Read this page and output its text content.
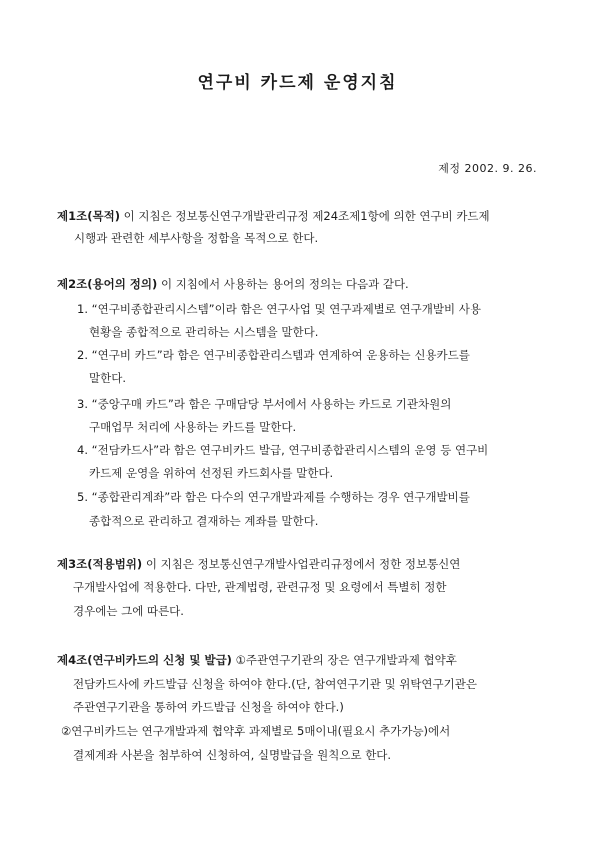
연구비 카드제 운영지침
제정 2002. 9. 26.
제1조(목적) 이 지침은 정보통신연구개발관리규정 제24조제1항에 의한 연구비 카드제
시행과 관련한 세부사항을 정함을 목적으로 한다.
제2조(용어의 정의) 이 지침에서 사용하는 용어의 정의는 다음과 같다.
1. “연구비종합관리시스템”이라 함은 연구사업 및 연구과제별로 연구개발비 사용
현황을 종합적으로 관리하는 시스템을 말한다.
2. “연구비 카드”라 함은 연구비종합관리스템과 연계하여 운용하는 신용카드를
말한다.
3. “중앙구매 카드”라 함은 구매담당 부서에서 사용하는 카드로 기관차원의
구매업무 처리에 사용하는 카드를 말한다.
4. “전담카드사”라 함은 연구비카드 발급, 연구비종합관리시스템의 운영 등 연구비
카드제 운영을 위하여 선정된 카드회사를 말한다.
5. “종합관리계좌”라 함은 다수의 연구개발과제를 수행하는 경우 연구개발비를
종합적으로 관리하고 결재하는 계좌를 말한다.
제3조(적용범위) 이 지침은 정보통신연구개발사업관리규정에서 정한 정보통신연
구개발사업에 적용한다. 다만, 관계법령, 관련규정 및 요령에서 특별히 정한
경우에는 그에 따른다.
제4조(연구비카드의 신청 및 발급) ①주관연구기관의 장은 연구개발과제 협약후
전담카드사에 카드발급 신청을 하여야 한다.(단, 참여연구기관 및 위탁연구기관은
주관연구기관을 통하여 카드발급 신청을 하여야 한다.)
②연구비카드는 연구개발과제 협약후 과제별로 5매이내(필요시 추가가능)에서
결제계좌 사본을 첨부하여 신청하여, 실명발급을 원칙으로 한다.
